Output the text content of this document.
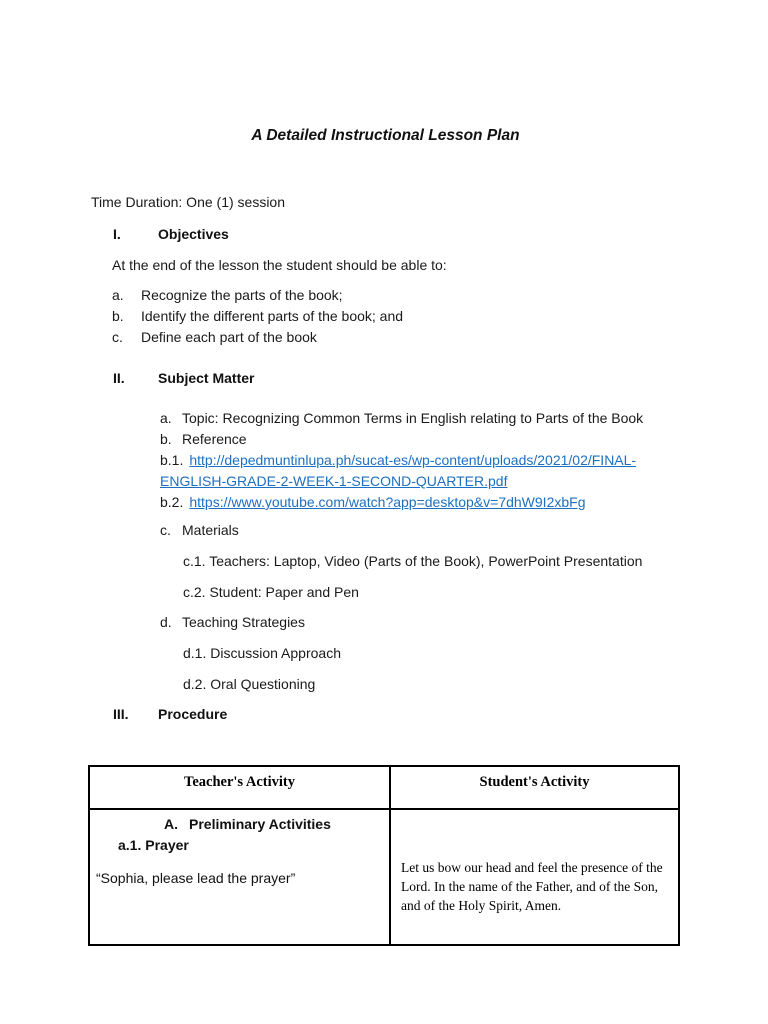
A Detailed Instructional Lesson Plan
Time Duration: One (1) session
I.	Objectives
At the end of the lesson the student should be able to:
a.	Recognize the parts of the book;
b.	Identify the different parts of the book; and
c.	Define each part of the book
II.	Subject Matter
a. Topic: Recognizing Common Terms in English relating to Parts of the Book
b. Reference
b.1. http://depedmuntinlupa.ph/sucat-es/wp-content/uploads/2021/02/FINAL-
ENGLISH-GRADE-2-WEEK-1-SECOND-QUARTER.pdf
b.2. https://www.youtube.com/watch?app=desktop&v=7dhW9I2xbFg
c. Materials
c.1. Teachers: Laptop, Video (Parts of the Book), PowerPoint Presentation
c.2. Student: Paper and Pen
d. Teaching Strategies
d.1. Discussion Approach
d.2. Oral Questioning
III.	Procedure
Teacher's Activity	Student's Activity

A. Preliminary Activities
a.1. Prayer
“Sophia, please lead the prayer”	Let us bow our head and feel the presence of the Lord. In the name of the Father, and of the Son, and of the Holy Spirit, Amen.
